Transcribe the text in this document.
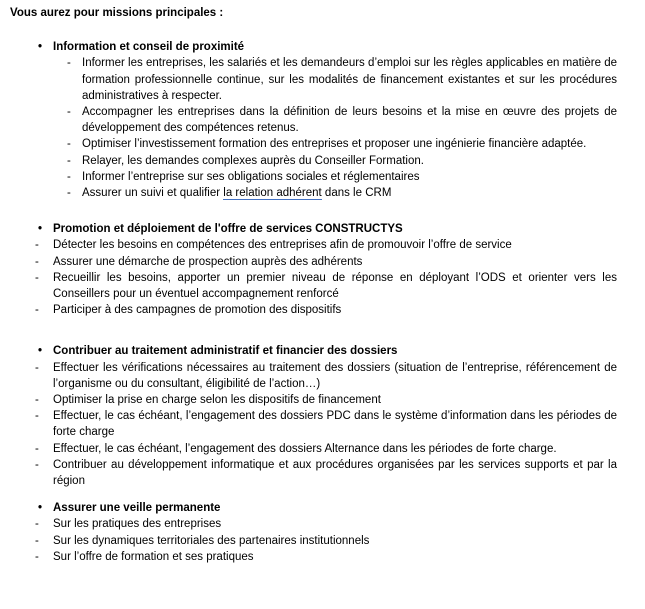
Vous aurez pour missions principales :

• Information et conseil de proximité
- Informer les entreprises, les salariés et les demandeurs d’emploi sur les règles applicables en matière de formation professionnelle continue, sur les modalités de financement existantes et sur les procédures administratives à respecter.
- Accompagner les entreprises dans la définition de leurs besoins et la mise en œuvre des projets de développement des compétences retenus.
- Optimiser l’investissement formation des entreprises et proposer une ingénierie financière adaptée.
- Relayer, les demandes complexes auprès du Conseiller Formation.
- Informer l’entreprise sur ses obligations sociales et réglementaires
- Assurer un suivi et qualifier la relation adhérent dans le CRM
• Promotion et déploiement de l'offre de services CONSTRUCTYS
-	Détecter les besoins en compétences des entreprises afin de promouvoir l’offre de service
-	Assurer une démarche de prospection auprès des adhérents
-	Recueillir les besoins, apporter un premier niveau de réponse en déployant l’ODS et orienter vers les Conseillers pour un éventuel accompagnement renforcé
-	Participer à des campagnes de promotion des dispositifs
• Contribuer au traitement administratif et financier des dossiers
-	Effectuer les vérifications nécessaires au traitement des dossiers (situation de l’entreprise, référencement de l’organisme ou du consultant, éligibilité de l’action…)
-	Optimiser la prise en charge selon les dispositifs de financement
-	Effectuer, le cas échéant, l’engagement des dossiers PDC dans le système d’information dans les périodes de forte charge
-	Effectuer, le cas échéant, l’engagement des dossiers Alternance dans les périodes de forte charge.
-	Contribuer au développement informatique et aux procédures organisées par les services supports et par la région
• Assurer une veille permanente
-	Sur les pratiques des entreprises
-	Sur les dynamiques territoriales des partenaires institutionnels
-	Sur l’offre de formation et ses pratiques
